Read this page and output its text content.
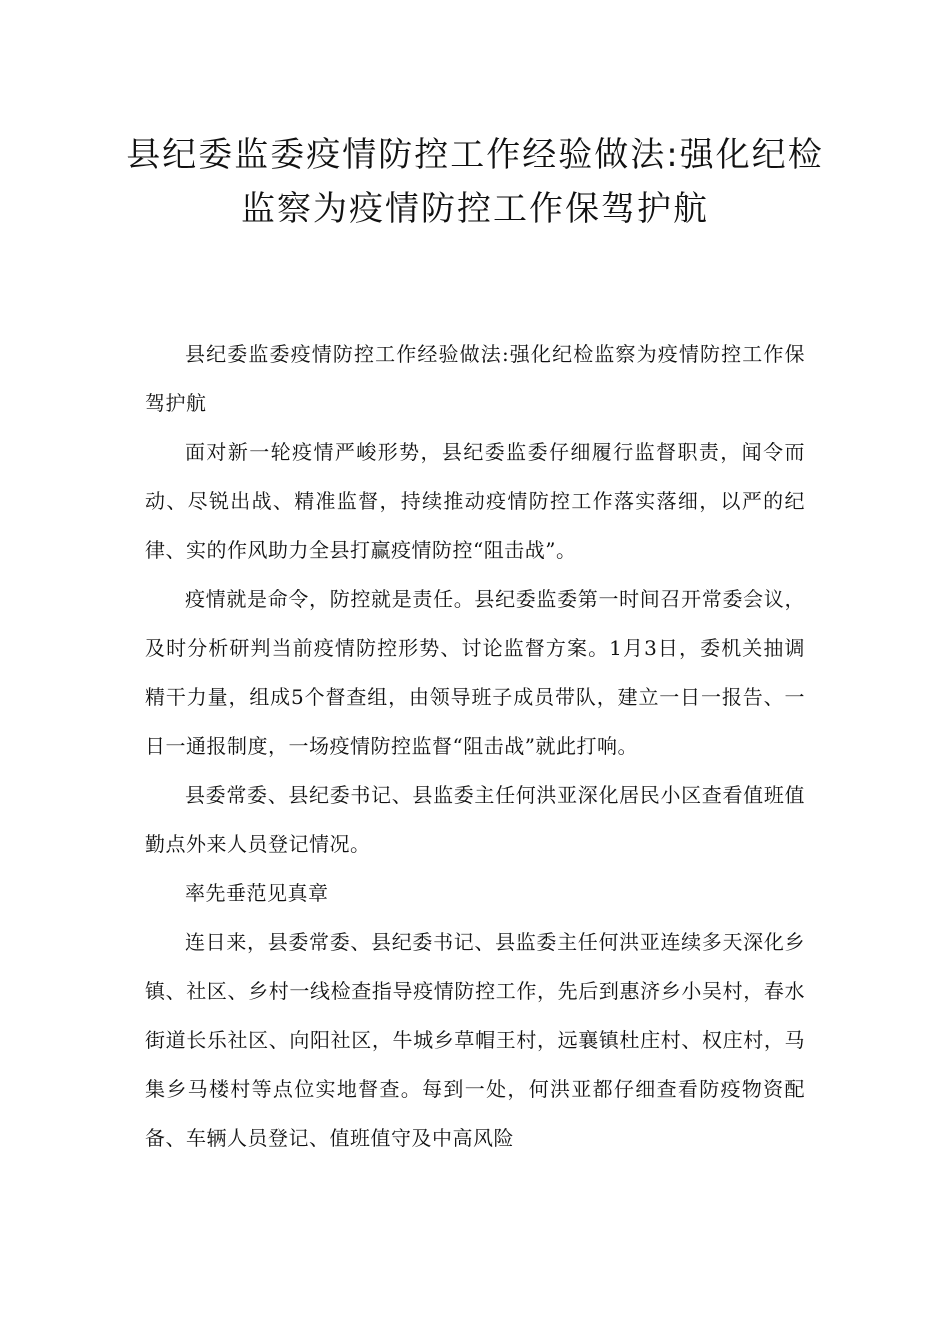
县纪委监委疫情防控工作经验做法:强化纪检监察为疫情防控工作保驾护航

县纪委监委疫情防控工作经验做法:强化纪检监察为疫情防控工作保驾护航

面对新一轮疫情严峻形势，县纪委监委仔细履行监督职责，闻令而动、尽锐出战、精准监督，持续推动疫情防控工作落实落细，以严的纪律、实的作风助力全县打赢疫情防控“阻击战”。

疫情就是命令，防控就是责任。县纪委监委第一时间召开常委会议，及时分析研判当前疫情防控形势、讨论监督方案。1月3日，委机关抽调精干力量，组成5个督查组，由领导班子成员带队，建立一日一报告、一日一通报制度，一场疫情防控监督“阻击战”就此打响。

县委常委、县纪委书记、县监委主任何洪亚深化居民小区查看值班值勤点外来人员登记情况。

率先垂范见真章

连日来，县委常委、县纪委书记、县监委主任何洪亚连续多天深化乡镇、社区、乡村一线检查指导疫情防控工作，先后到惠济乡小吴村，春水街道长乐社区、向阳社区，牛城乡草帽王村，远襄镇杜庄村、权庄村，马集乡马楼村等点位实地督查。每到一处，何洪亚都仔细查看防疫物资配备、车辆人员登记、值班值守及中高风险
